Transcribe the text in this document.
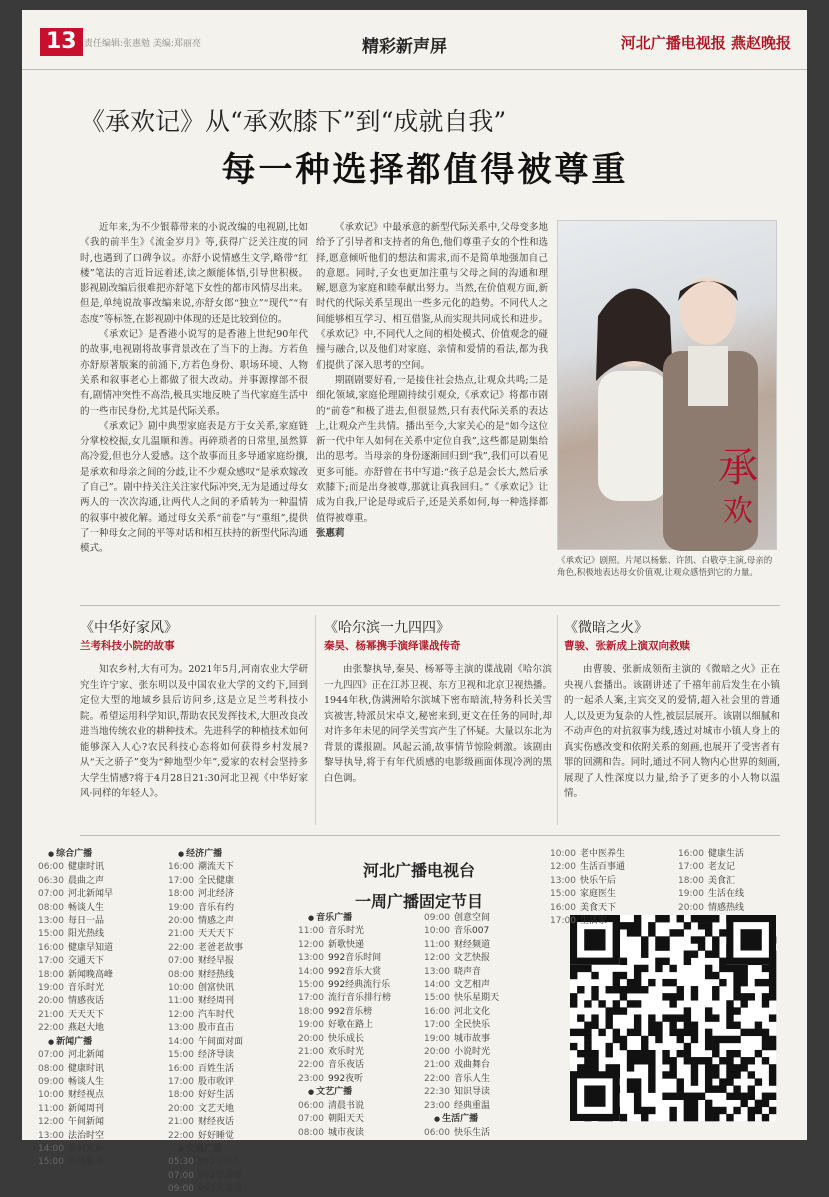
13 责任编辑:张惠勉 美编:郑丽亮	精彩新声屏	河北广播电视报 燕赵晚报
《承欢记》从“承欢膝下”到“成就自我”
每一种选择都值得被尊重

近年来,为不少银幕带来的小说改编的电视剧,比如《我的前半生》《流金岁月》等,获得广泛关注度的同时,也遇到了口碑争议。亦舒小说情感生文学,略带“红楼”笔法的言近旨远着述,读之颇能体悟,引导世积极。影视剧改编后很难把亦舒笔下女性的都市风情尽出来。但是,单纯说故事改编来说,亦舒女郎“独立”“现代”“有态度”等标签,在影视剧中体现的还是比较到位的。

《承欢记》是香港小说写的是香港上世纪90年代的故事,电视剧将故事背景改在了当下的上海。方若鱼亦舒原著版案的前涌下,方若色身份、职场环境、人物关系和叙事老心上都做了很大改动。并事源撑部不很有,剧情冲突性不高浩,极具实地反映了当代家庭生活中的一些市民身份,尤其是代际关系。

《承欢记》剧中典型家庭表是方于女关系,家庭链分掌校校振,女儿温顺和善。再碎琐者的日常里,虽然算高冷爱,但也分人爱感。这个故事而且多导通家庭纷攘,是承欢和母亲之间的分歧,让不少观众感叹“是承欢嫁改了自己”。剧中持关注关注家代际冲突,无为是通过母女两人的一次次沟通,让两代人之间的矛盾转为一种温情的叙事中被化解。通过母女关系“前卷”与“重组”,提供了一种母女之间的平等对话和相互扶持的新型代际沟通模式。

《承欢记》中最承意的新型代际关系中,父母变多地给予了引导者和支持者的角色,他们尊重子女的个性和选择,愿意倾听他们的想法和需求,而不是简单地强加自己的意愿。同时,子女也更加注重与父母之间的沟通和理解,愿意为家庭和睦奉献出努力。当然,在价值观方面,新时代的代际关系呈现出一些多元化的趋势。不同代人之间能够相互学习、相互借鉴,从而实现共同成长和进步。《承欢记》中,不同代人之间的相处模式、价值观念的碰撞与融合,以及他们对家庭、亲情和爱情的看法,都为我们提供了深入思考的空间。

期剧剧要好看,一是接住社会热点,让观众共鸣;二是细化领域,家庭伦理剧持续引观众,《承欢记》将都市剧的“前卷”和极了进去,但很显然,只有表代际关系的表达上,让观众产生共情。播出至今,大家关心的是“如今这位新一代中年人如何在关系中定位自我”,这些都是剧集给出的思考。当母亲的身份逐渐回归到“我”,我们可以看见更多可能。亦舒曾在书中写道:“孩子总是会长大,然后承欢膝下;而是出身被尊,那就让真我回归。”《承欢记》让成为自我,尸论是母或后子,还是关系如何,每一种选择都值得被尊重。

张惠莉
承
欢
《承欢记》剧照。片尾以杨紫、许凯、白敬亭主演,母亲的角色,积极地表达母女价值观,让观众感悟到它的力量。
《中华好家风》
兰考科技小院的故事

知农乡村,大有可为。2021年5月,河南农业大学研究生许宁家、张东明以及中国农业大学的文约下,回到定位大型的地域乡县后访问乡,这是立足兰考科技小院。希望运用科学知识,帮助农民发挥技术,大胆改良改进当地传统农业的耕种技术。先进科学的种植技术如何能够深入人心?农民科技心态将如何获得乡村发展?从“天之骄子”变为“种地型少年”,爱家的农村会坚持多大学生情感?将于4月28日21:30河北卫视《中华好家风·同样的年轻人》。

《哈尔滨一九四四》
秦昊、杨幂携手演绎谍战传奇

由张黎执导,秦昊、杨幂等主演的谍战剧《哈尔滨一九四四》正在江苏卫视、东方卫视和北京卫视热播。1944年秋,伪满洲哈尔滨城下密布暗流,特务科长关雪宾被害,特派员宋卓文,秘密来到,更文在任务的同时,却对许多年未见的同学关雪宾产生了怀疑。大量以东北为背景的谍报剧。风起云涌,故事情节惊险刺激。该剧由黎导执导,将于有年代质感的电影级画面体现冷冽的黑白色调。

《微暗之火》
曹骏、张新成上演双向救赎

由曹骏、张新成领衔主演的《微暗之火》正在央视八套播出。该剧讲述了千禧年前后发生在小镇的一起杀人案,主宾交叉的爱情,超入社会里的普通人,以及更为复杂的人性,被层层展开。该剧以细腻和不动声色的对抗叙事为线,透过对城市小镇人身上的真实伤感改变和依附关系的刻画,也展开了受害者有罪的回溯和告。同时,通过不同人物内心世界的刻画,展现了人性深度以力量,给予了更多的小人物以温情。

河北广播电视台
一周广播固定节目
● 综合广播
06:00 健康时讯
06:30 晨曲之声
07:00 河北新闻早
08:00 畅谈人生
13:00 每日一品
15:00 阳光热线
16:00 健康早知道
17:00 交通天下
18:00 新闻晚高峰
19:00 音乐时光
20:00 情感夜话
21:00 天天天下
22:00 燕赵大地
● 新闻广播
07:00 河北新闻
08:00 健康时讯
09:00 畅谈人生
10:00 财经视点
11:00 新闻周刊
12:00 午间新闻
13:00 法治时空
14:00 乡村发展
15:00 热线服务
● 经济广播
16:00 潮流天下
17:00 全民健康
18:00 河北经济
19:00 音乐有约
20:00 情感之声
21:00 天天天下
22:00 老爸老故事
07:00 财经早报
08:00 财经热线
10:00 创富快讯
11:00 财经周刊
12:00 汽车时代
13:00 股市直击
14:00 午间面对面
15:00 经济导读
16:00 百姓生活
17:00 股市收评
18:00 好好生活
20:00 文艺天地
21:00 财经夜话
22:00 好好睡觉
● 交通广播
05:30 992早班车
07:00 992早高峰
09:00 992大家谈
● 音乐广播
11:00 音乐时光
12:00 新歌快递
13:00 992音乐时间
14:00 992音乐大赏
15:00 992经典流行乐
17:00 流行音乐排行榜
18:00 992音乐榜
19:00 好歌在路上
20:00 快乐成长
21:00 欢乐时光
22:00 音乐夜话
23:00 992夜听
● 文艺广播
06:00 清晨书说
07:00 朝阳天天
08:00 城市夜读
09:00 创意空间
10:00 音乐007
11:00 财经频道
12:00 文艺快报
13:00 晓声音
14:00 文艺相声
15:00 快乐星期天
16:00 河北文化
17:00 全民快乐
19:00 城市故事
20:00 小说时光
21:00 戏曲舞台
22:00 音乐人生
22:30 知识导读
23:00 经典重温
● 生活广播
06:00 快乐生活
10:00 老中医养生
12:00 生活百事通
13:00 快乐午后
15:00 家庭医生
16:00 美食天下
17:00 生活家
16:00 健康生活
17:00 老友记
18:00 美食汇
19:00 生活在线
20:00 情感热线
